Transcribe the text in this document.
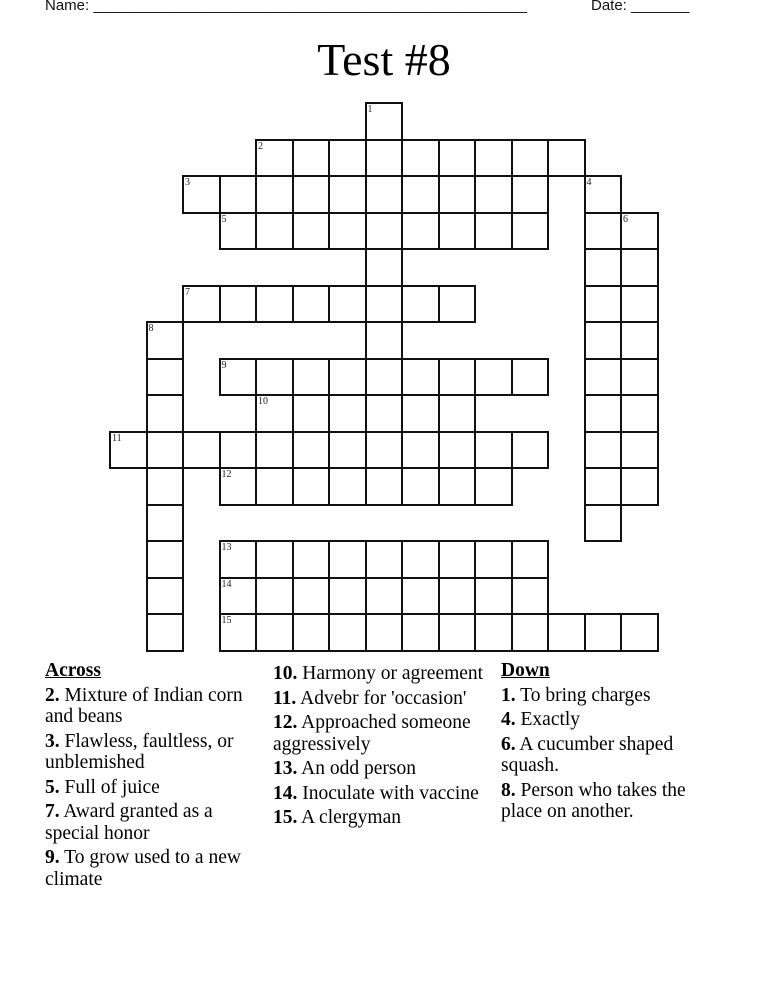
Name: ____________________________________________________	Date: _______
Test #8
1
2
3	4
5	6
7
8
9
10
11
12
13
14
15
Across
2. Mixture of Indian corn and beans
3. Flawless, faultless, or unblemished
5. Full of juice
7. Award granted as a special honor
9. To grow used to a new climate
10. Harmony or agreement
11. Advebr for 'occasion'
12. Approached someone aggressively
13. An odd person
14. Inoculate with vaccine
15. A clergyman
Down
1. To bring charges
4. Exactly
6. A cucumber shaped squash.
8. Person who takes the place on another.
